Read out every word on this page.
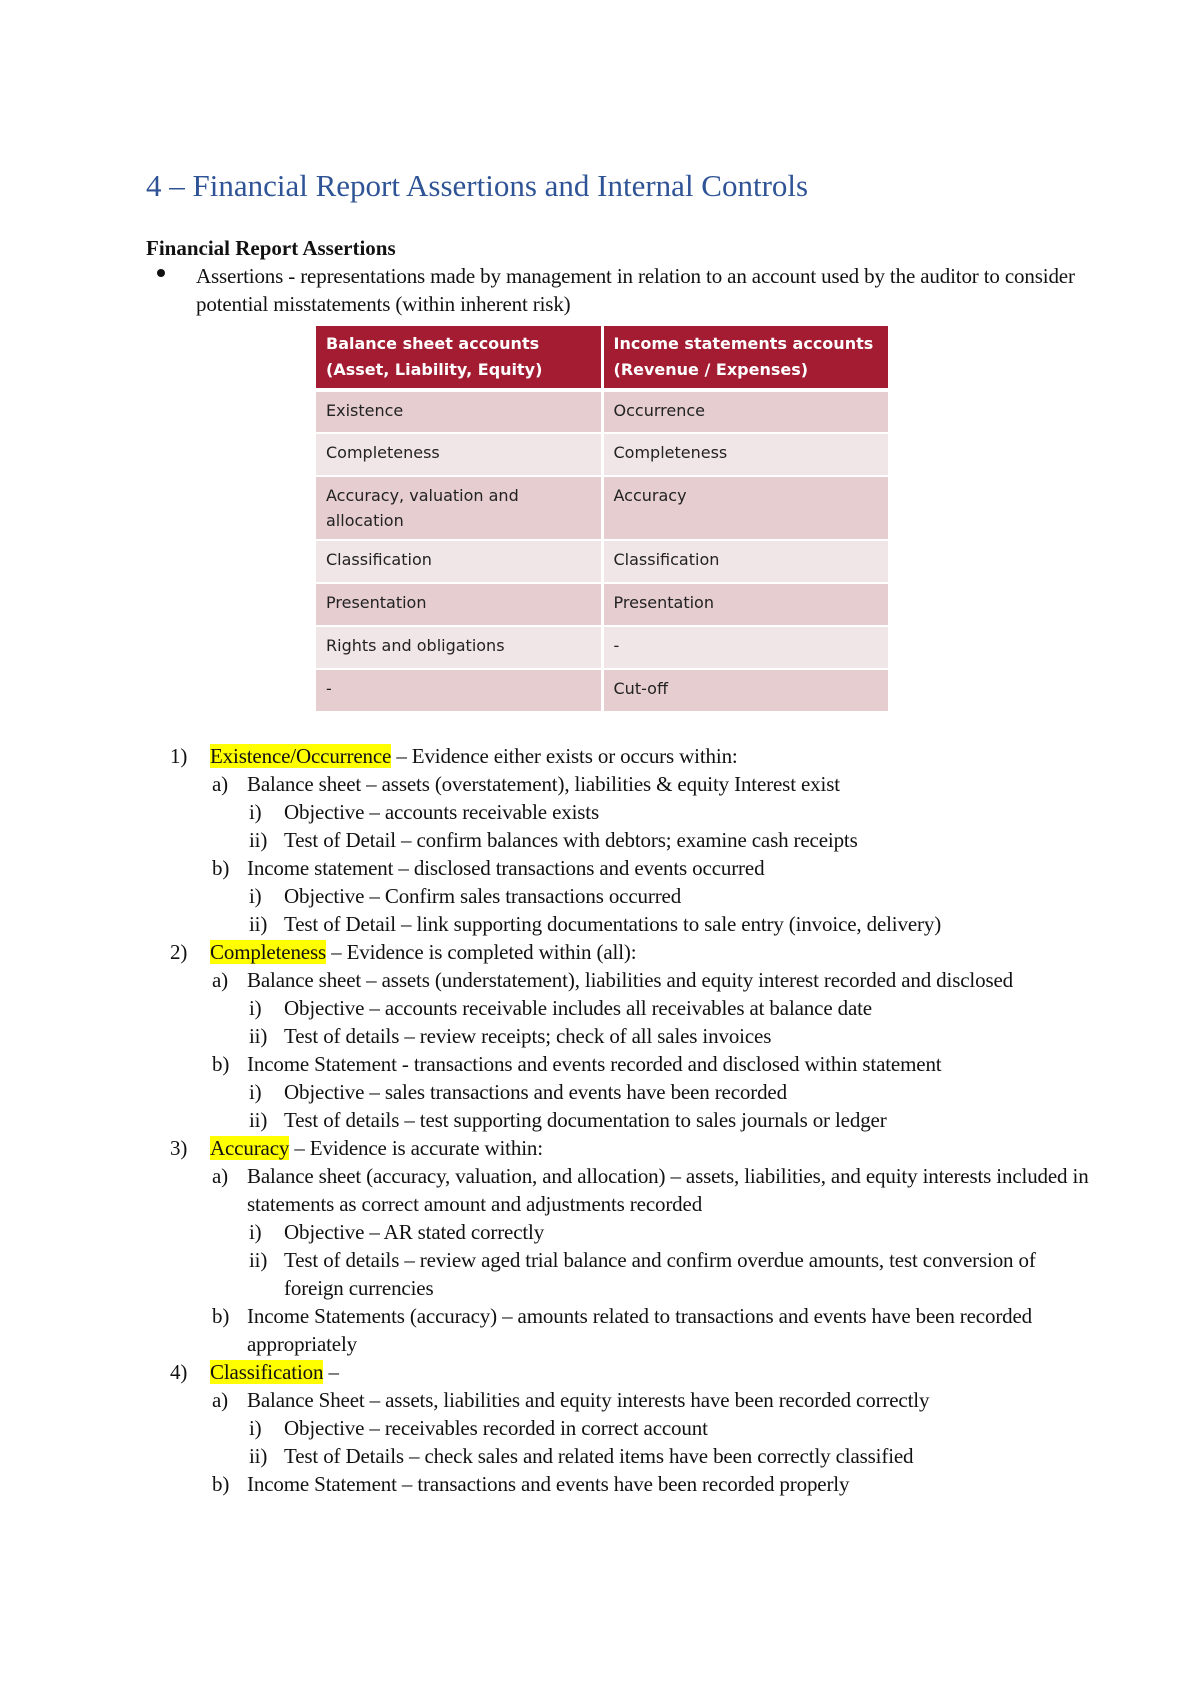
4 – Financial Report Assertions and Internal Controls
Financial Report Assertions
Assertions - representations made by management in relation to an account used by the auditor to consider potential misstatements (within inherent risk)
Balance sheet accounts (Asset, Liability, Equity)	Income statements accounts (Revenue / Expenses)
Existence	Occurrence
Completeness	Completeness
Accuracy, valuation and allocation	Accuracy
Classification	Classification
Presentation	Presentation
Rights and obligations	-
-	Cut-off
1) Existence/Occurrence – Evidence either exists or occurs within:
a) Balance sheet – assets (overstatement), liabilities & equity Interest exist
i) Objective – accounts receivable exists
ii) Test of Detail – confirm balances with debtors; examine cash receipts
b) Income statement – disclosed transactions and events occurred
i) Objective – Confirm sales transactions occurred
ii) Test of Detail – link supporting documentations to sale entry (invoice, delivery)
2) Completeness – Evidence is completed within (all):
a) Balance sheet – assets (understatement), liabilities and equity interest recorded and disclosed
i) Objective – accounts receivable includes all receivables at balance date
ii) Test of details – review receipts; check of all sales invoices
b) Income Statement - transactions and events recorded and disclosed within statement
i) Objective – sales transactions and events have been recorded
ii) Test of details – test supporting documentation to sales journals or ledger
3) Accuracy – Evidence is accurate within:
a) Balance sheet (accuracy, valuation, and allocation) – assets, liabilities, and equity interests included in statements as correct amount and adjustments recorded
i) Objective – AR stated correctly
ii) Test of details – review aged trial balance and confirm overdue amounts, test conversion of foreign currencies
b) Income Statements (accuracy) – amounts related to transactions and events have been recorded appropriately
4) Classification –
a) Balance Sheet – assets, liabilities and equity interests have been recorded correctly
i) Objective – receivables recorded in correct account
ii) Test of Details – check sales and related items have been correctly classified
b) Income Statement – transactions and events have been recorded properly
